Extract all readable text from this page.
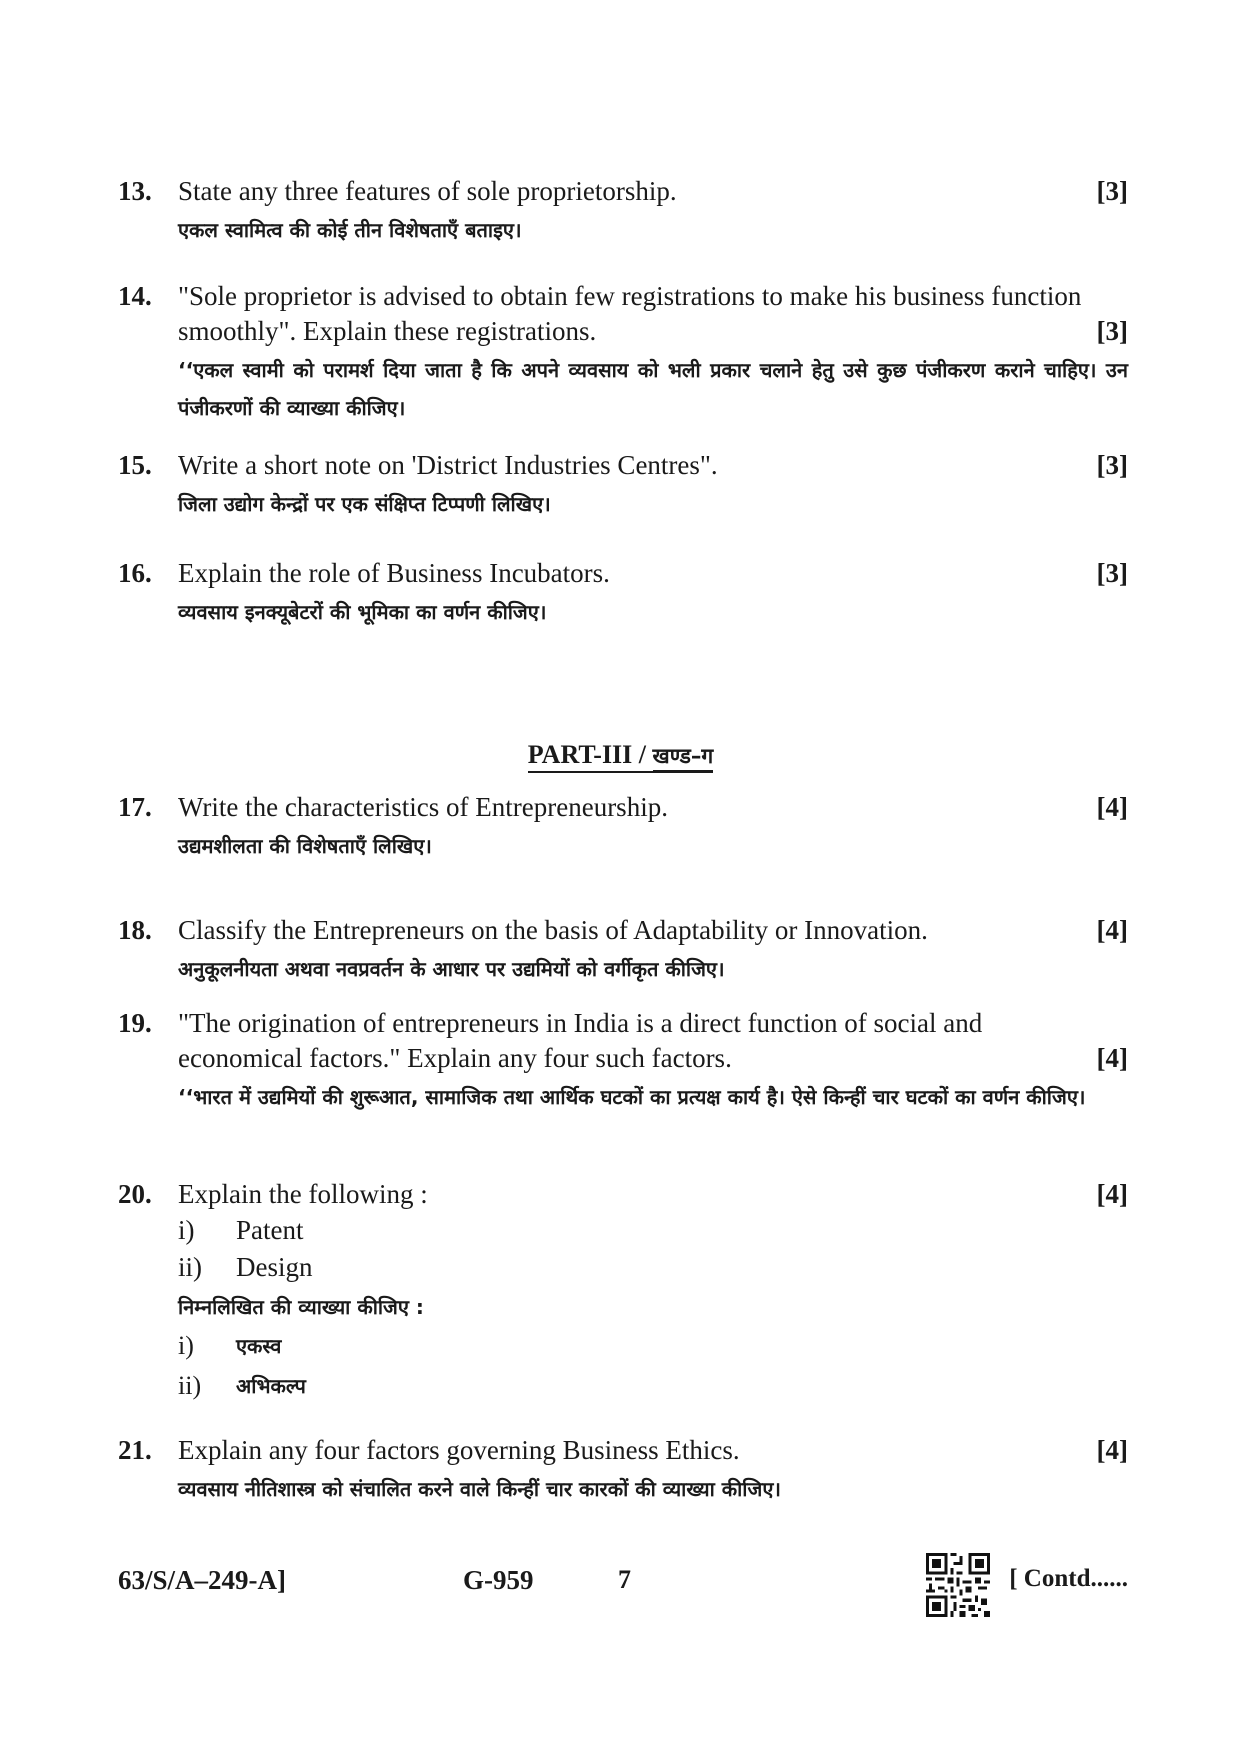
13. State any three features of sole proprietorship.	[3]
एकल स्वामित्व की कोई तीन विशेषताएँ बताइए।
14. "Sole proprietor is advised to obtain few registrations to make his business function
smoothly". Explain these registrations.	[3]
‘‘एकल स्वामी को परामर्श दिया जाता है कि अपने व्यवसाय को भली प्रकार चलाने हेतु उसे कुछ पंजीकरण कराने चाहिए। उन पंजीकरणों की व्याख्या कीजिए।
15. Write a short note on 'District Industries Centres".	[3]
जिला उद्योग केन्द्रों पर एक संक्षिप्त टिप्पणी लिखिए।
16. Explain the role of Business Incubators.	[3]
व्यवसाय इनक्यूबेटरों की भूमिका का वर्णन कीजिए।
PART-III / खण्ड–ग
17. Write the characteristics of Entrepreneurship.	[4]
उद्यमशीलता की विशेषताएँ लिखिए।
18. Classify the Entrepreneurs on the basis of Adaptability or Innovation.	[4]
अनुकूलनीयता अथवा नवप्रवर्तन के आधार पर उद्यमियों को वर्गीकृत कीजिए।
19. "The origination of entrepreneurs in India is a direct function of social and
economical factors." Explain any four such factors.	[4]
‘‘भारत में उद्यमियों की शुरूआत, सामाजिक तथा आर्थिक घटकों का प्रत्यक्ष कार्य है। ऐसे किन्हीं चार घटकों का वर्णन कीजिए।
20. Explain the following :	[4]
i)	Patent
ii)	Design
निम्नलिखित की व्याख्या कीजिए :
i)	एकस्व
ii)	अभिकल्प
21. Explain any four factors governing Business Ethics.	[4]
व्यवसाय नीतिशास्त्र को संचालित करने वाले किन्हीं चार कारकों की व्याख्या कीजिए।
63/S/A–249-A]	G-959	7	[ Contd......
